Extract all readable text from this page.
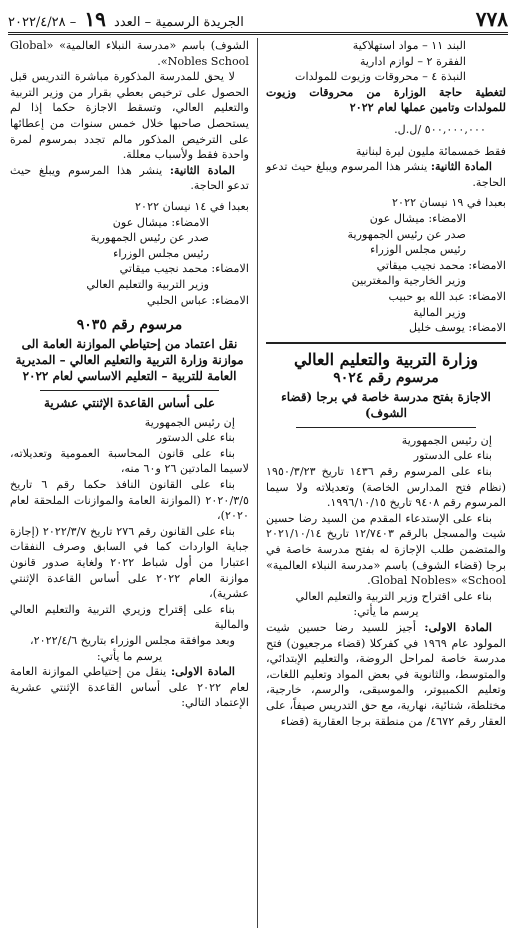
٧٧٨
الجريدة الرسمية – العدد ١٩ – ٢٠٢٢/٤/٢٨

البند ١١ – مواد استهلاكية

الفقرة ٢ – لوازم ادارية

النبذة ٤ – محروقات وزيوت للمولدات

لتغطية حاجة الوزارة من محروقات وزيوت للمولدات وتامين عملها لعام ٢٠٢٢

٥٠٠,٠٠٠,٠٠٠ /ل.ل.

فقط خمسمائة مليون ليرة لبنانية

المادة الثانية: ينشر هذا المرسوم ويبلغ حيث تدعو الحاجة.

بعبدا في ١٩ نيسان ٢٠٢٢

الامضاء: ميشال عون

صدر عن رئيس الجمهورية

رئيس مجلس الوزراء

الامضاء: محمد نجيب ميقاتي

وزير الخارجية والمغتربين

الامضاء: عبد الله بو حبيب

وزير المالية

الامضاء: يوسف خليل

وزارة التربية والتعليم العالي
مرسوم رقم ٩٠٢٤
الاجازة بفتح مدرسة خاصة في برجا (قضاء الشوف)

إن رئيس الجمهورية

بناء على الدستور

بناء على المرسوم رقم ١٤٣٦ تاريخ ١٩٥٠/٣/٢٣ (نظام فتح المدارس الخاصة) وتعديلاته ولا سيما المرسوم رقم ٩٤٠٨ تاريخ ١٩٩٦/١٠/١٥.

بناء على الإستدعاء المقدم من السيد رضا حسين شيت والمسجل بالرقم ١٢/٧٤٠٣ تاريخ ٢٠٢١/١٠/١٤ والمتضمن طلب الإجازة له بفتح مدرسة خاصة في برجا (قضاء الشوف) باسم «مدرسة النبلاء العالمية» Global Nobles» «School.

بناء على اقتراح وزير التربية والتعليم العالي

يرسم ما يأتي:

المادة الاولى: أجيز للسيد رضا حسين شيت المولود عام ١٩٦٩ في كفركلا (قضاء مرجعيون) فتح مدرسة خاصة لمراحل الروضة، والتعليم الإبتدائي، والمتوسط، والثانوية في بعض المواد وتعليم اللغات، وتعليم الكمبيوتر، والموسيقى، والرسم، خارجية، مختلطة، شتائية، نهارية، مع حق التدريس صيفاً، على العقار رقم ٤٦٧٢/ من منطقة برجا العقارية (قضاء

الشوف) باسم «مدرسة النبلاء العالمية» «Global Nobles School».

لا يحق للمدرسة المذكورة مباشرة التدريس قبل الحصول على ترخيص بعطي بقرار من وزير التربية والتعليم العالي، وتسقط الاجازة حكما إذا لم يستحصل صاحبها خلال خمس سنوات من إعطائها على الترخيص المذكور مالم تجدد بمرسوم لمرة واحدة فقط ولأسباب معللة.

المادة الثانية: ينشر هذا المرسوم ويبلغ حيث تدعو الحاجة.

بعبدا في ١٤ نيسان ٢٠٢٢

الامضاء: ميشال عون

صدر عن رئيس الجمهورية

رئيس مجلس الوزراء

الامضاء: محمد نجيب ميقاتي

وزير التربية والتعليم العالي

الامضاء: عباس الحلبي

مرسوم رقم ٩٠٣٥
نقل اعتماد من إحتياطي الموازنة العامة الى موازنة وزارة التربية والتعليم العالي – المديرية العامة للتربية – التعليم الاساسي لعام ٢٠٢٢
على أساس القاعدة الإثنتي عشرية

إن رئيس الجمهورية

بناء على الدستور

بناء على قانون المحاسبة العمومية وتعديلاته، لاسيما المادتين ٢٦ و٦٠ منه،

بناء على القانون النافذ حكما رقم ٦ تاريخ ٢٠٢٠/٣/٥ (الموازنة العامة والموازنات الملحقة لعام ٢٠٢٠)،

بناء على القانون رقم ٢٧٦ تاريخ ٢٠٢٢/٣/٧ (إجازة جباية الواردات كما في السابق وصرف النفقات اعتبارا من أول شباط ٢٠٢٢ ولغاية صدور قانون موازنة العام ٢٠٢٢ على أساس القاعدة الإثنتي عشرية)،

بناء على إقتراح وزيري التربية والتعليم العالي والمالية

وبعد موافقة مجلس الوزراء بتاريخ ٢٠٢٢/٤/٦،

يرسم ما يأتي:

المادة الاولى: ينقل من إحتياطي الموازنة العامة لعام ٢٠٢٢ على أساس القاعدة الإثنتي عشرية الإعتماد التالي:
